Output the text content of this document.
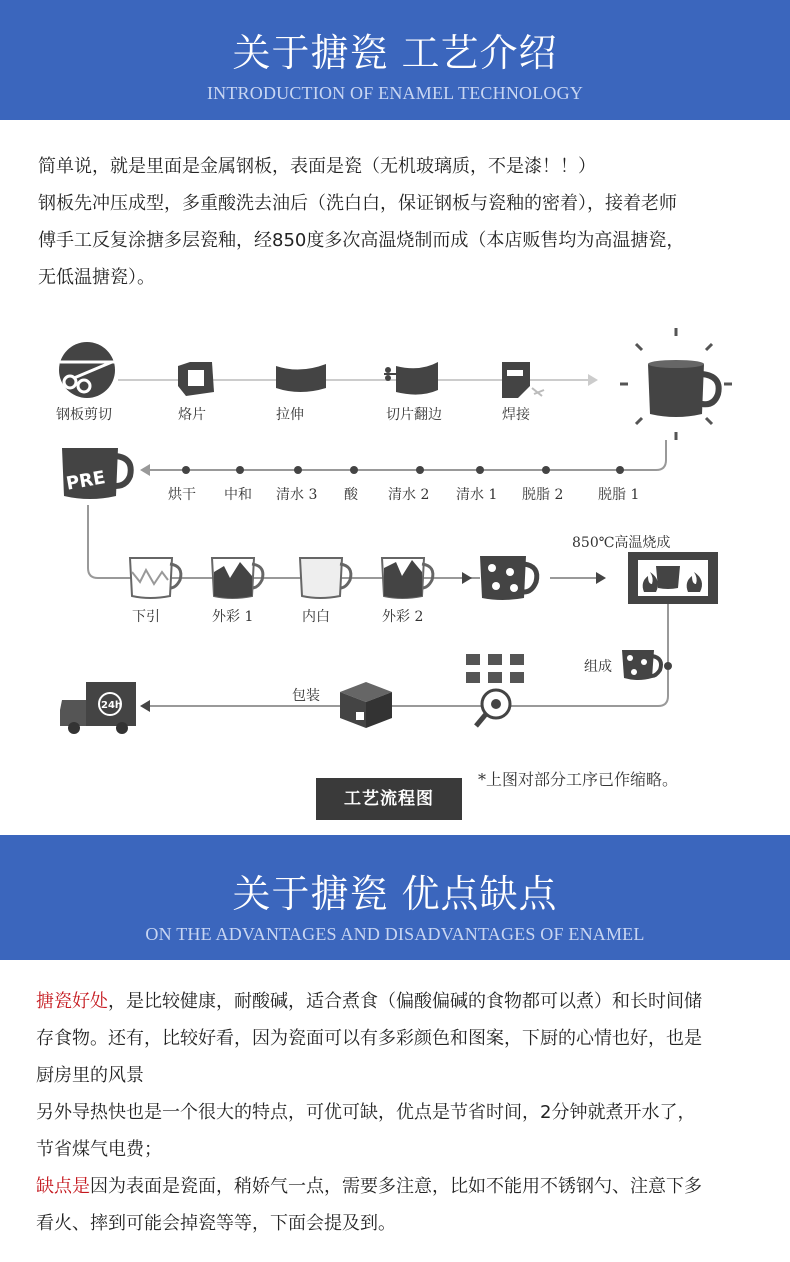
关于搪瓷 工艺介绍
INTRODUCTION OF ENAMEL TECHNOLOGY

简单说，就是里面是金属钢板，表面是瓷（无机玻璃质，不是漆！！）

钢板先冲压成型，多重酸洗去油后（洗白白，保证钢板与瓷釉的密着），接着老师

傅手工反复涂搪多层瓷釉，经850度多次高温烧制而成（本店贩售均为高温搪瓷，

无低温搪瓷）。

PRE
24h
钢板剪切	烙片	拉伸	切片翻边	焊接
烘干 中和 清水 3 酸 清水 2 清水 1 脱脂 2 脱脂 1
下引	外彩 1	内白	外彩 2
850℃高温烧成
组成
包装
*上图对部分工序已作缩略。
工艺流程图
关于搪瓷 优点缺点
ON THE ADVANTAGES AND DISADVANTAGES OF ENAMEL

搪瓷好处，是比较健康，耐酸碱，适合煮食（偏酸偏碱的食物都可以煮）和长时间储

存食物。还有，比较好看，因为瓷面可以有多彩颜色和图案，下厨的心情也好，也是

厨房里的风景

另外导热快也是一个很大的特点，可优可缺，优点是节省时间，2分钟就煮开水了，

节省煤气电费；

缺点是因为表面是瓷面，稍娇气一点，需要多注意，比如不能用不锈钢勺、注意下多

看火、摔到可能会掉瓷等等，下面会提及到。
